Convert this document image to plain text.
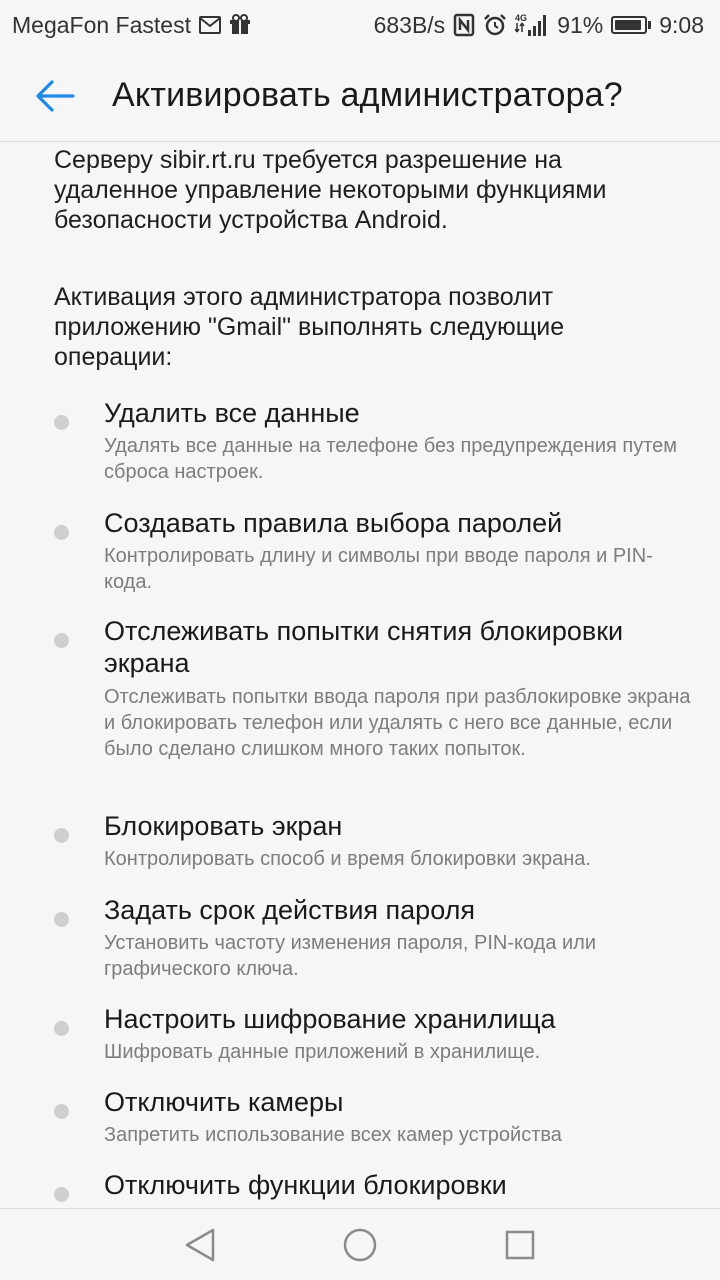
MegaFon Fastest	683B/s	4G 91% 9:08
Активировать администратора?
Серверу sibir.rt.ru требуется разрешение на удаленное управление некоторыми функциями безопасности устройства Android.
Активация этого администратора позволит приложению "Gmail" выполнять следующие операции:
Удалить все данные
Удалять все данные на телефоне без предупреждения путем сброса настроек.
Создавать правила выбора паролей
Контролировать длину и символы при вводе пароля и PIN-кода.
Отслеживать попытки снятия блокировки экрана
Отслеживать попытки ввода пароля при разблокировке экрана и блокировать телефон или удалять с него все данные, если было сделано слишком много таких попыток.
Блокировать экран
Контролировать способ и время блокировки экрана.
Задать срок действия пароля
Установить частоту изменения пароля, PIN-кода или графического ключа.
Настроить шифрование хранилища
Шифровать данные приложений в хранилище.
Отключить камеры
Запретить использование всех камер устройства
Отключить функции блокировки
